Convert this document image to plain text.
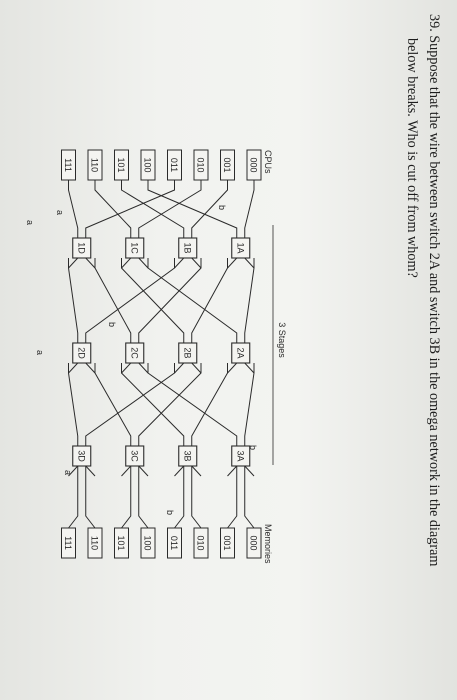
39. Suppose that the wire between switch 2A and switch 3B in the omega network in the diagram
below breaks. Who is cut off from whom?
CPUs
Memories
3 Stages
000
001
010
011
100
101
110
111
000
001
010
011
100
101
110
111
1A
1B
1C
1D
2A
2B
2C
2D
3A
3B
3C
3D
b
b
b
b
a
a
a
a
